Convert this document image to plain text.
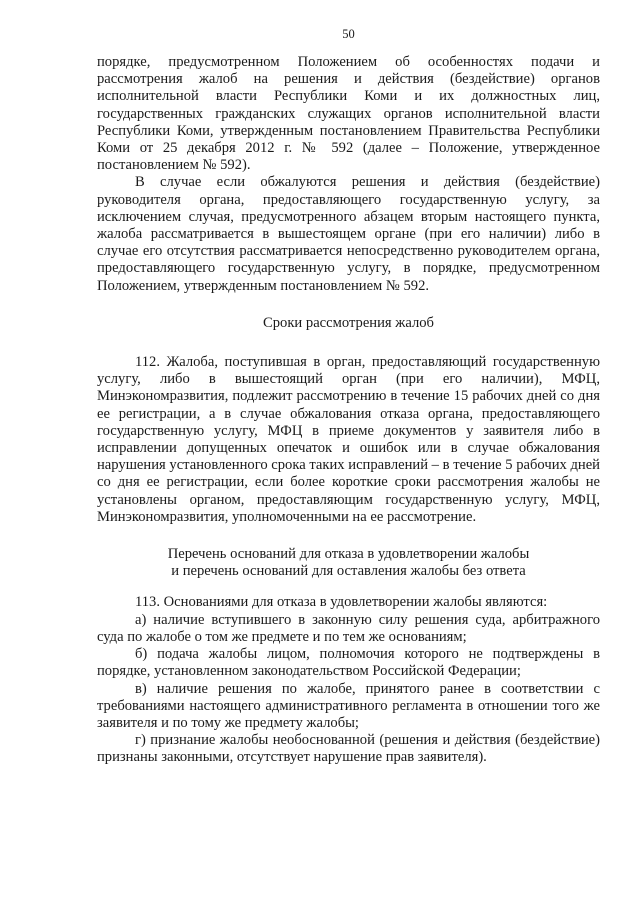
50

порядке, предусмотренном Положением об особенностях подачи и рассмотрения жалоб на решения и действия (бездействие) органов исполнительной власти Республики Коми и их должностных лиц, государственных гражданских служащих органов исполнительной власти Республики Коми, утвержденным постановлением Правительства Республики Коми от 25 декабря 2012 г. № 592 (далее – Положение, утвержденное постановлением № 592).

В случае если обжалуются решения и действия (бездействие) руководителя органа, предоставляющего государственную услугу, за исключением случая, предусмотренного абзацем вторым настоящего пункта, жалоба рассматривается в вышестоящем органе (при его наличии) либо в случае его отсутствия рассматривается непосредственно руководителем органа, предоставляющего государственную услугу, в порядке, предусмотренном Положением, утвержденным постановлением № 592.

Сроки рассмотрения жалоб

112. Жалоба, поступившая в орган, предоставляющий государственную услугу, либо в вышестоящий орган (при его наличии), МФЦ, Минэкономразвития, подлежит рассмотрению в течение 15 рабочих дней со дня ее регистрации, а в случае обжалования отказа органа, предоставляющего государственную услугу, МФЦ в приеме документов у заявителя либо в исправлении допущенных опечаток и ошибок или в случае обжалования нарушения установленного срока таких исправлений – в течение 5 рабочих дней со дня ее регистрации, если более короткие сроки рассмотрения жалобы не установлены органом, предоставляющим государственную услугу, МФЦ, Минэкономразвития, уполномоченными на ее рассмотрение.

Перечень оснований для отказа в удовлетворении жалобы

и перечень оснований для оставления жалобы без ответа

113. Основаниями для отказа в удовлетворении жалобы являются:

а) наличие вступившего в законную силу решения суда, арбитражного суда по жалобе о том же предмете и по тем же основаниям;

б) подача жалобы лицом, полномочия которого не подтверждены в порядке, установленном законодательством Российской Федерации;

в) наличие решения по жалобе, принятого ранее в соответствии с требованиями настоящего административного регламента в отношении того же заявителя и по тому же предмету жалобы;

г) признание жалобы необоснованной (решения и действия (бездействие) признаны законными, отсутствует нарушение прав заявителя).
